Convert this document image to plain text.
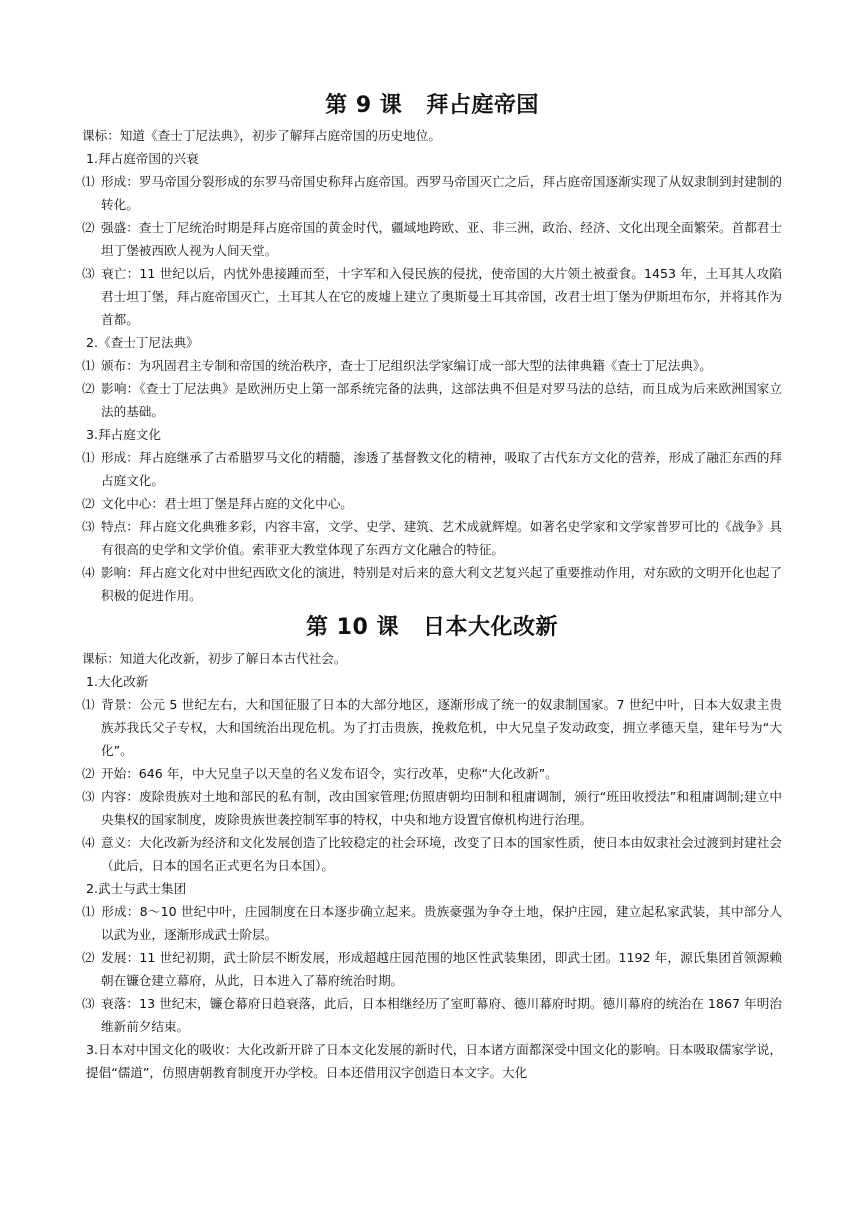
第 9 课 拜占庭帝国

课标：知道《查士丁尼法典》，初步了解拜占庭帝国的历史地位。

1.拜占庭帝国的兴衰

⑴ 形成：罗马帝国分裂形成的东罗马帝国史称拜占庭帝国。西罗马帝国灭亡之后，拜占庭帝国逐渐实现了从奴隶制到封建制的转化。

⑵ 强盛：查士丁尼统治时期是拜占庭帝国的黄金时代，疆域地跨欧、亚、非三洲，政治、经济、文化出现全面繁荣。首都君士坦丁堡被西欧人视为人间天堂。

⑶ 衰亡：11 世纪以后，内忧外患接踵而至，十字军和入侵民族的侵扰，使帝国的大片领土被蚕食。1453 年，土耳其人攻陷君士坦丁堡，拜占庭帝国灭亡，土耳其人在它的废墟上建立了奥斯曼土耳其帝国，改君士坦丁堡为伊斯坦布尔，并将其作为首都。

2.《查士丁尼法典》

⑴ 颁布：为巩固君主专制和帝国的统治秩序，查士丁尼组织法学家编订成一部大型的法律典籍《查士丁尼法典》。

⑵ 影响：《查士丁尼法典》是欧洲历史上第一部系统完备的法典，这部法典不但是对罗马法的总结，而且成为后来欧洲国家立法的基础。

3.拜占庭文化

⑴ 形成：拜占庭继承了古希腊罗马文化的精髓，渗透了基督教文化的精神，吸取了古代东方文化的营养，形成了融汇东西的拜占庭文化。

⑵ 文化中心：君士坦丁堡是拜占庭的文化中心。

⑶ 特点：拜占庭文化典雅多彩，内容丰富，文学、史学、建筑、艺术成就辉煌。如著名史学家和文学家普罗可比的《战争》具有很高的史学和文学价值。索菲亚大教堂体现了东西方文化融合的特征。

⑷ 影响：拜占庭文化对中世纪西欧文化的演进，特别是对后来的意大利文艺复兴起了重要推动作用，对东欧的文明开化也起了积极的促进作用。

第 10 课 日本大化改新

课标：知道大化改新，初步了解日本古代社会。

1.大化改新

⑴ 背景：公元 5 世纪左右，大和国征服了日本的大部分地区，逐渐形成了统一的奴隶制国家。7 世纪中叶，日本大奴隶主贵族苏我氏父子专权，大和国统治出现危机。为了打击贵族，挽救危机，中大兄皇子发动政变，拥立孝德天皇，建年号为“大化”。

⑵ 开始：646 年，中大兄皇子以天皇的名义发布诏令，实行改革，史称“大化改新”。

⑶ 内容：废除贵族对土地和部民的私有制，改由国家管理;仿照唐朝均田制和租庸调制，颁行“班田收授法”和租庸调制;建立中央集权的国家制度，废除贵族世袭控制军事的特权，中央和地方设置官僚机构进行治理。

⑷ 意义：大化改新为经济和文化发展创造了比较稳定的社会环境，改变了日本的国家性质，使日本由奴隶社会过渡到封建社会（此后，日本的国名正式更名为日本国）。

2.武士与武士集团

⑴ 形成：8～10 世纪中叶，庄园制度在日本逐步确立起来。贵族豪强为争夺土地，保护庄园，建立起私家武装，其中部分人以武为业，逐渐形成武士阶层。

⑵ 发展：11 世纪初期，武士阶层不断发展，形成超越庄园范围的地区性武装集团，即武士团。1192 年，源氏集团首领源赖朝在镰仓建立幕府，从此，日本进入了幕府统治时期。

⑶ 衰落：13 世纪末，镰仓幕府日趋衰落，此后，日本相继经历了室町幕府、德川幕府时期。德川幕府的统治在 1867 年明治维新前夕结束。

3.日本对中国文化的吸收：大化改新开辟了日本文化发展的新时代，日本诸方面都深受中国文化的影响。日本吸取儒家学说，提倡“儒道”，仿照唐朝教育制度开办学校。日本还借用汉字创造日本文字。大化
